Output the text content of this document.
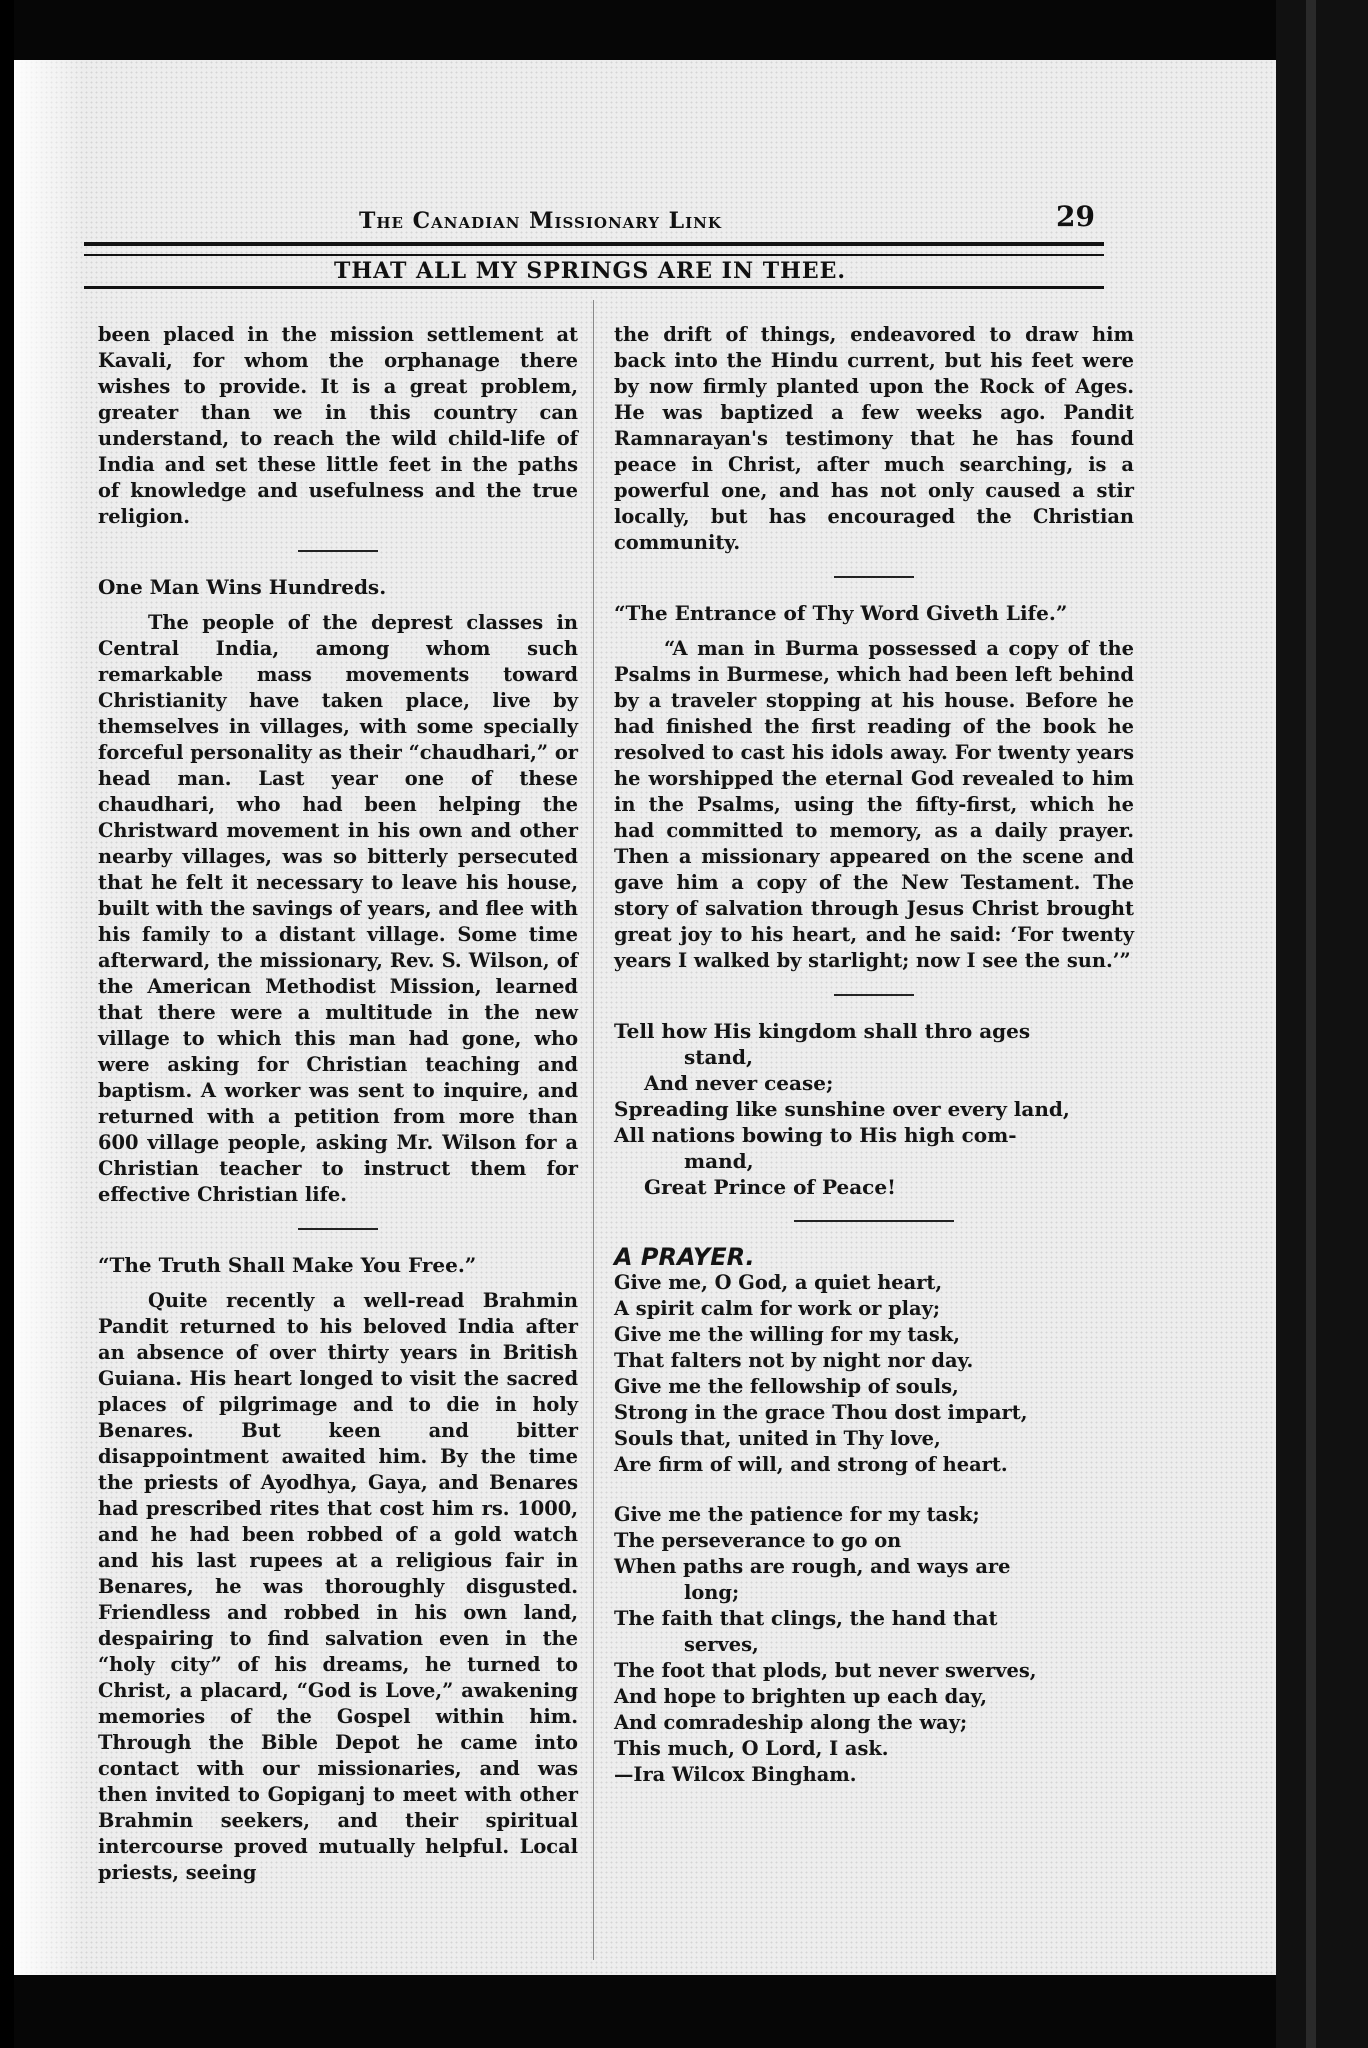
The Canadian Missionary Link	29
THAT ALL MY SPRINGS ARE IN THEE.

been placed in the mission settlement at Kavali, for whom the orphanage there wishes to provide. It is a great problem, greater than we in this country can understand, to reach the wild child-life of India and set these little feet in the paths of knowledge and usefulness and the true religion.

One Man Wins Hundreds.

The people of the deprest classes in Central India, among whom such remarkable mass movements toward Christianity have taken place, live by themselves in villages, with some specially forceful personality as their “chaudhari,” or head man. Last year one of these chaudhari, who had been helping the Christward movement in his own and other nearby villages, was so bitterly persecuted that he felt it necessary to leave his house, built with the savings of years, and flee with his family to a distant village. Some time afterward, the missionary, Rev. S. Wilson, of the American Methodist Mission, learned that there were a multitude in the new village to which this man had gone, who were asking for Christian teaching and baptism. A worker was sent to inquire, and returned with a petition from more than 600 village people, asking Mr. Wilson for a Christian teacher to instruct them for effective Christian life.

“The Truth Shall Make You Free.”

Quite recently a well-read Brahmin Pandit returned to his beloved India after an absence of over thirty years in British Guiana. His heart longed to visit the sacred places of pilgrimage and to die in holy Benares. But keen and bitter disappointment awaited him. By the time the priests of Ayodhya, Gaya, and Benares had prescribed rites that cost him rs. 1000, and he had been robbed of a gold watch and his last rupees at a religious fair in Benares, he was thoroughly disgusted. Friendless and robbed in his own land, despairing to find salvation even in the “holy city” of his dreams, he turned to Christ, a placard, “God is Love,” awakening memories of the Gospel within him. Through the Bible Depot he came into contact with our missionaries, and was then invited to Gopiganj to meet with other Brahmin seekers, and their spiritual intercourse proved mutually helpful. Local priests, seeing

the drift of things, endeavored to draw him back into the Hindu current, but his feet were by now firmly planted upon the Rock of Ages. He was baptized a few weeks ago. Pandit Ramnarayan's testimony that he has found peace in Christ, after much searching, is a powerful one, and has not only caused a stir locally, but has encouraged the Christian community.

“The Entrance of Thy Word Giveth Life.”

“A man in Burma possessed a copy of the Psalms in Burmese, which had been left behind by a traveler stopping at his house. Before he had finished the first reading of the book he resolved to cast his idols away. For twenty years he worshipped the eternal God revealed to him in the Psalms, using the fifty-first, which he had committed to memory, as a daily prayer. Then a missionary appeared on the scene and gave him a copy of the New Testament. The story of salvation through Jesus Christ brought great joy to his heart, and he said: ‘For twenty years I walked by starlight; now I see the sun.’”

Tell how His kingdom shall thro ages

stand,

And never cease;

Spreading like sunshine over every land,

All nations bowing to His high com-

mand,

Great Prince of Peace!

A PRAYER.

Give me, O God, a quiet heart,

A spirit calm for work or play;

Give me the willing for my task,

That falters not by night nor day.

Give me the fellowship of souls,

Strong in the grace Thou dost impart,

Souls that, united in Thy love,

Are firm of will, and strong of heart.

Give me the patience for my task;

The perseverance to go on

When paths are rough, and ways are

long;

The faith that clings, the hand that

serves,

The foot that plods, but never swerves,

And hope to brighten up each day,

And comradeship along the way;

This much, O Lord, I ask.

—Ira Wilcox Bingham.
